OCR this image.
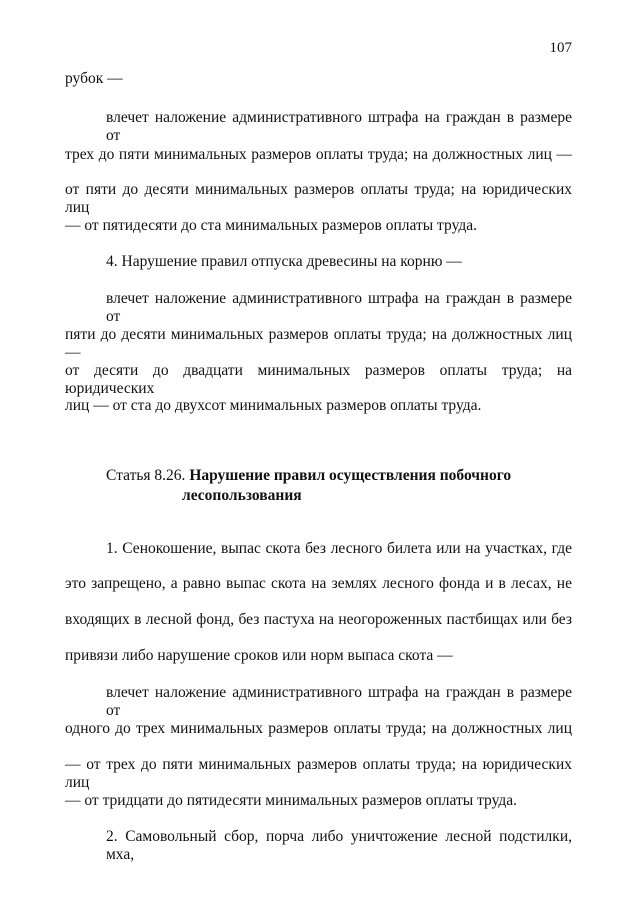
107
рубок —
влечет наложение административного штрафа на граждан в размере от
трех до пяти минимальных размеров оплаты труда; на должностных лиц —
от пяти до десяти минимальных размеров оплаты труда; на юридических лиц
— от пятидесяти до ста минимальных размеров оплаты труда.
4. Нарушение правил отпуска древесины на корню —
влечет наложение административного штрафа на граждан в размере от
пяти до десяти минимальных размеров оплаты труда; на должностных лиц —
от десяти до двадцати минимальных размеров оплаты труда; на юридических
лиц — от ста до двухсот минимальных размеров оплаты труда.
Статья 8.26. Нарушение правил осуществления побочного
лесопользования
1. Сенокошение, выпас скота без лесного билета или на участках, где
это запрещено, а равно выпас скота на землях лесного фонда и в лесах, не
входящих в лесной фонд, без пастуха на неогороженных пастбищах или без
привязи либо нарушение сроков или норм выпаса скота —
влечет наложение административного штрафа на граждан в размере от
одного до трех минимальных размеров оплаты труда; на должностных лиц
— от трех до пяти минимальных размеров оплаты труда; на юридических лиц
— от тридцати до пятидесяти минимальных размеров оплаты труда.
2. Самовольный сбор, порча либо уничтожение лесной подстилки, мха,
